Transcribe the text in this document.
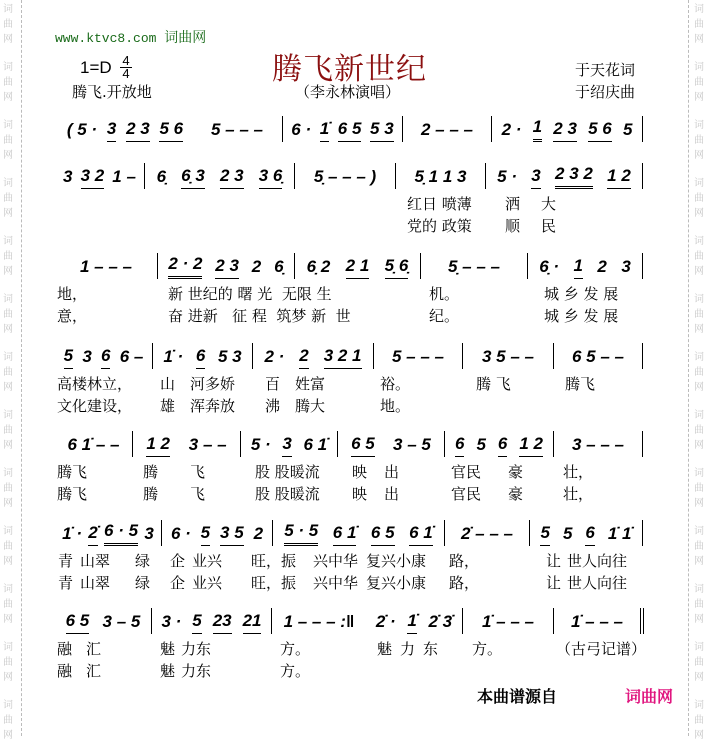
词
曲
网
词
曲
网
词
曲
网
词
曲
网
词
曲
网
词
曲
网
词
曲
网
词
曲
网
词
曲
网
词
曲
网
词
曲
网
词
曲
网
词
曲
网
词
曲
网
词
曲
网
词
曲
网
词
曲
网
词
曲
网
词
曲
网
词
曲
网
词
曲
网
词
曲
网
词
曲
网
词
曲
网
词
曲
网
词
曲
网
www.ktvc8.com 词曲网
腾飞新世纪
1=D 4
4
腾飞.开放地	（李永林演唱）
于天花词
于绍庆曲
( 5 · 3 2 3 5 6 5 – – – 6 · 1̇ 6 5 5 3 2 – – – 2 · 1 2 3 5 6 5
3 3 2 1 – 6̣ 6̣ 3 2 3 3 6̣ 5̣ – – – ) 5̣ 1 1 3 5 · 3 2 3 2 1 2
红日 喷薄 洒 大
党的 政策 顺 民
1 – – – 2 · 2 2 3 2 6̣ 6̣ 2 2 1 5̣ 6̣ 5̣ – – – 6̣ · 1 2 3
地，	新 世纪的 曙 光  无限 生	机。	城 乡 发 展
意，	奋 进新   征 程  筑梦 新  世	纪。	城 乡 发 展
5 3 6 6 – 1̇ · 6 5 3 2 · 2 3 2 1 5 – – – 3 5 – – 6 5 – –
高楼林立， 山 河多娇 百 姓富	裕。	腾 飞	腾飞
文化建设， 雄 浑奔放 沸 腾大	地。
6 1̇ – – 1 2 3 – – 5 · 3 6 1̇ 6 5 3 – 5 6 5 6 1 2 3 – – –
腾飞	腾 飞	股 股暖流 映 出	官民 豪	壮，
腾飞	腾 飞	股 股暖流 映 出	官民 豪	壮，
1̇ · 2̇ 6 · 5 3 6 · 5 3 5 2 5 · 5 6 1̇ 6 5 6 1̇ 2̇ – – – 5 5 6 1̇ 1̇
青 山翠 绿 企 业兴 旺，振 兴中华 复兴小康 路，	让 世人向往
青 山翠 绿 企 业兴 旺，振 兴中华 复兴小康 路，	让 世人向往
6 5 3 – 5 3 · 5 23 21 1 – – – :‖ 2̇ · 1̇ 2̇ 3̇ 1̇ – – – 1̇ – – –
融 汇	魅 力东	方。	魅 力 东 方。	（古弓记谱）
融 汇	魅 力东	方。
本曲谱源自	词曲网
